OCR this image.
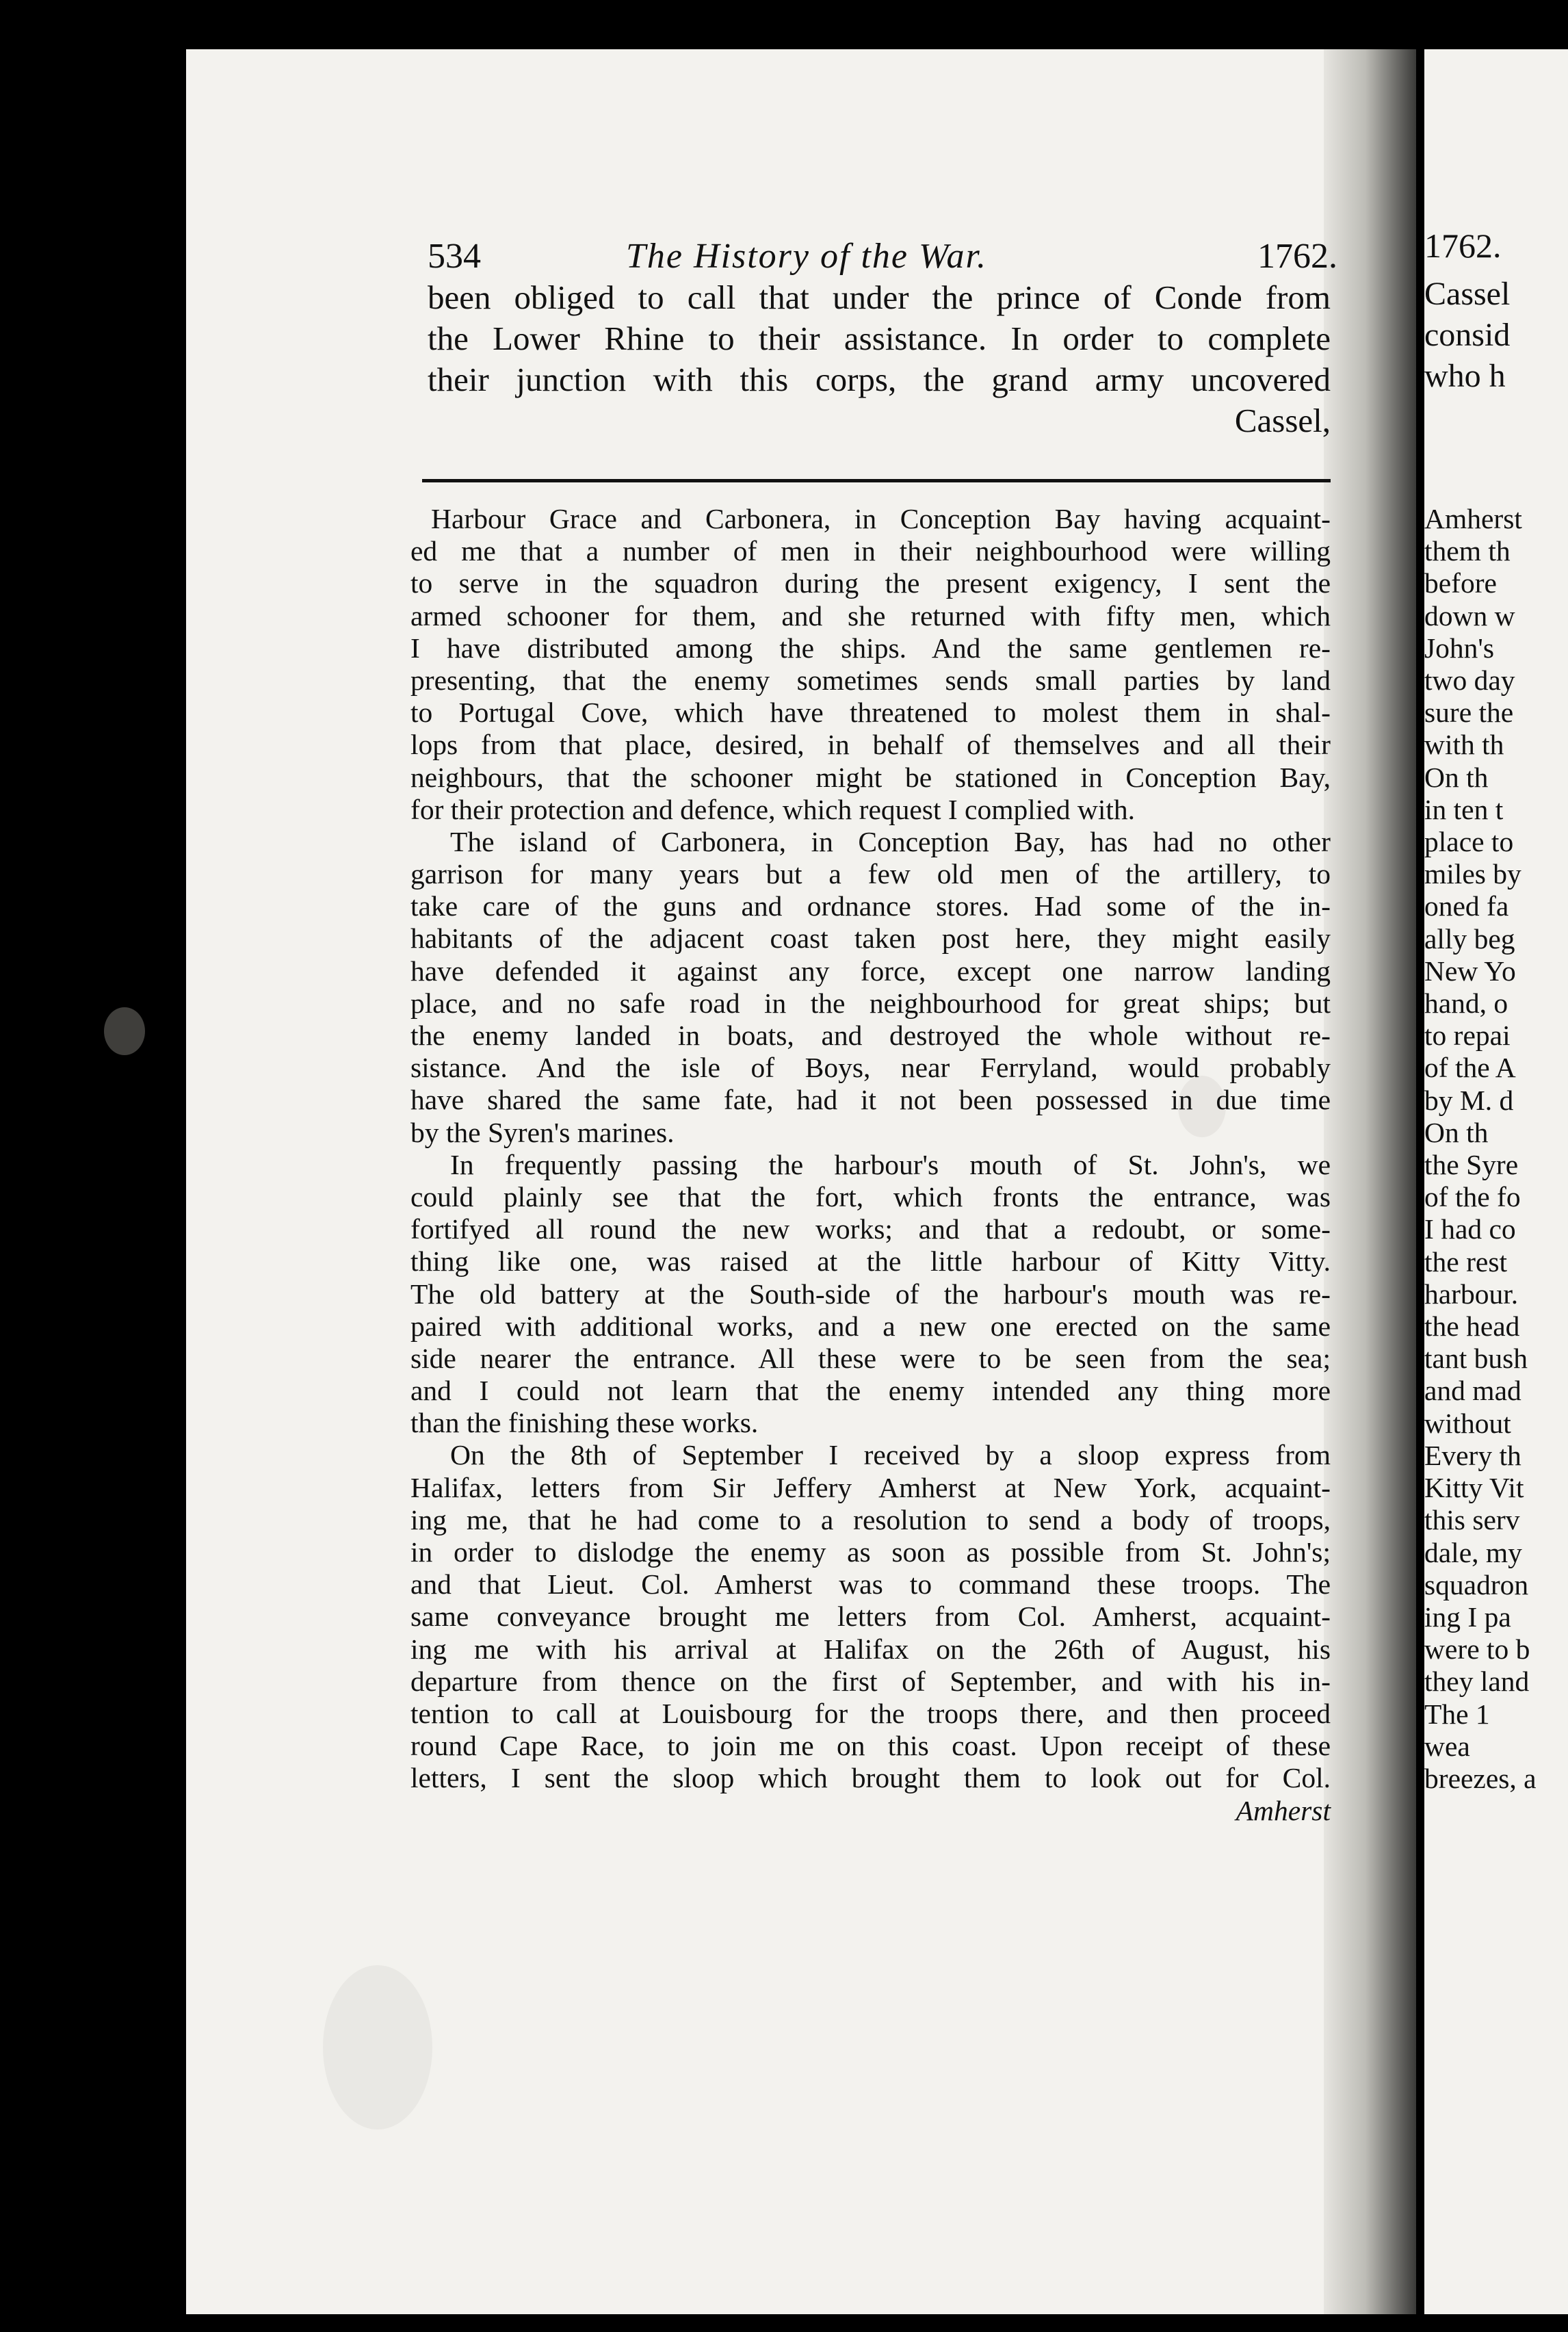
534	The History of the War.	1762.
been obliged to call that under the prince of Conde from
the Lower Rhine to their assistance. In order to complete
their junction with this corps, the grand army uncovered
Cassel,
Harbour Grace and Carbonera, in Conception Bay having acquaint-
ed me that a number of men in their neighbourhood were willing
to serve in the squadron during the present exigency, I sent the
armed schooner for them, and she returned with fifty men, which
I have distributed among the ships. And the same gentlemen re-
presenting, that the enemy sometimes sends small parties by land
to Portugal Cove, which have threatened to molest them in shal-
lops from that place, desired, in behalf of themselves and all their
neighbours, that the schooner might be stationed in Conception Bay,
for their protection and defence, which request I complied with.
The island of Carbonera, in Conception Bay, has had no other
garrison for many years but a few old men of the artillery, to
take care of the guns and ordnance stores. Had some of the in-
habitants of the adjacent coast taken post here, they might easily
have defended it against any force, except one narrow landing
place, and no safe road in the neighbourhood for great ships; but
the enemy landed in boats, and destroyed the whole without re-
sistance. And the isle of Boys, near Ferryland, would probably
have shared the same fate, had it not been possessed in due time
by the Syren's marines.
In frequently passing the harbour's mouth of St. John's, we
could plainly see that the fort, which fronts the entrance, was
fortifyed all round the new works; and that a redoubt, or some-
thing like one, was raised at the little harbour of Kitty Vitty.
The old battery at the South-side of the harbour's mouth was re-
paired with additional works, and a new one erected on the same
side nearer the entrance. All these were to be seen from the sea;
and I could not learn that the enemy intended any thing more
than the finishing these works.
On the 8th of September I received by a sloop express from
Halifax, letters from Sir Jeffery Amherst at New York, acquaint-
ing me, that he had come to a resolution to send a body of troops,
in order to dislodge the enemy as soon as possible from St. John's;
and that Lieut. Col. Amherst was to command these troops. The
same conveyance brought me letters from Col. Amherst, acquaint-
ing me with his arrival at Halifax on the 26th of August, his
departure from thence on the first of September, and with his in-
tention to call at Louisbourg for the troops there, and then proceed
round Cape Race, to join me on this coast. Upon receipt of these
letters, I sent the sloop which brought them to look out for Col.
Amherst
1762.
Cassel
consid
who h
Amherst
them th
before
down w
John's
two day
sure the
with th
On th
in ten t
place to
miles by
oned fa
ally beg
New Yo
hand, o
to repai
of the A
by M. d
On th
the Syre
of the fo
I had co
the rest
harbour.
the head
tant bush
and mad
without
Every th
Kitty Vit
this serv
dale, my
squadron
ing I pa
were to b
they land
The 1
wea
breezes, a
